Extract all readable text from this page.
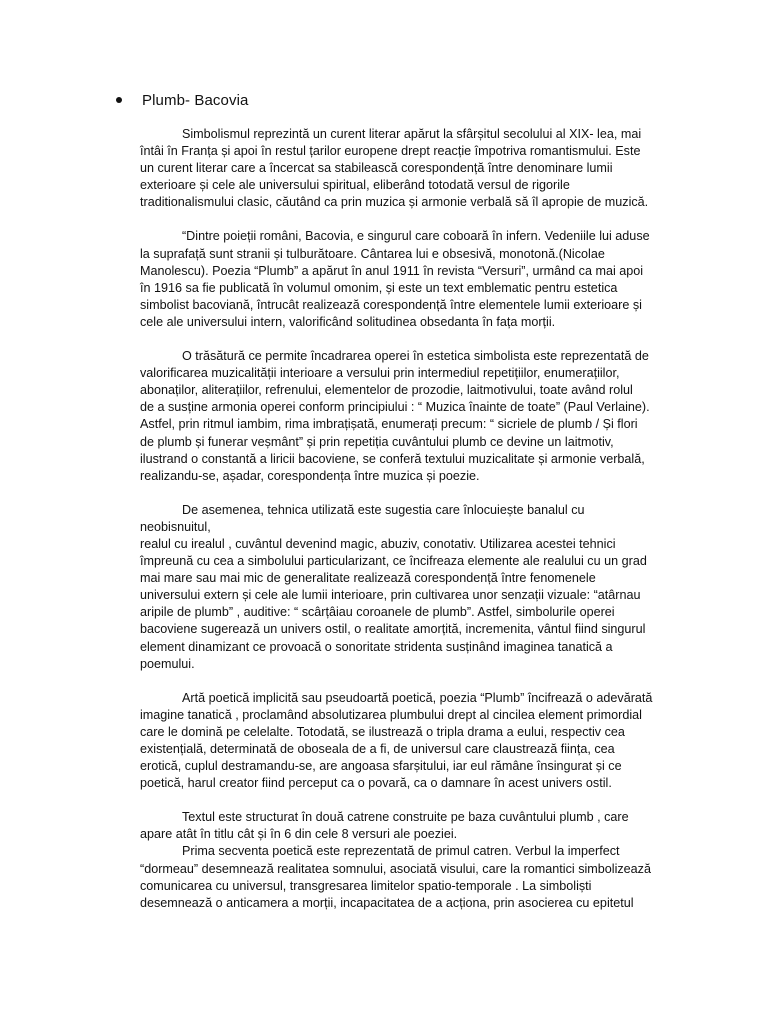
Plumb- Bacovia

Simbolismul reprezintă un curent literar apărut la sfârșitul secolului al XIX- lea, mai
întâi în Franța și apoi în restul țarilor europene drept reacție împotriva romantismului. Este
un curent literar care a încercat sa stabilească corespondență între denominare lumii
exterioare și cele ale universului spiritual, eliberând totodată versul de rigorile
traditionalismului clasic, căutând ca prin muzica și armonie verbală să îl apropie de muzică.

“Dintre poieții români, Bacovia, e singurul care coboară în infern. Vedeniile lui aduse
la suprafață sunt stranii și tulburătoare. Cântarea lui e obsesivă, monotonă.(Nicolae
Manolescu). Poezia “Plumb” a apărut în anul 1911 în revista “Versuri”, urmând ca mai apoi
în 1916 sa fie publicată în volumul omonim, și este un text emblematic pentru estetica
simbolist bacoviană, întrucât realizează corespondență între elementele lumii exterioare și
cele ale universului intern, valorificând solitudinea obsedanta în fața morții.

O trăsătură ce permite încadrarea operei în estetica simbolista este reprezentată de
valorificarea muzicalității interioare a versului prin intermediul repetițiilor, enumerațiilor,
abonaților, aliterațiilor, refrenului, elementelor de prozodie, laitmotivului, toate având rolul
de a susține armonia operei conform principiului : “ Muzica înainte de toate” (Paul Verlaine).
Astfel, prin ritmul iambim, rima imbrațișată, enumerați precum: “ sicriele de plumb / Și flori
de plumb și funerar veșmânt” și prin repetiția cuvântului plumb ce devine un laitmotiv,
ilustrand o constantă a liricii bacoviene, se conferă textului muzicalitate și armonie verbală,
realizandu-se, așadar, corespondența între muzica și poezie.

De asemenea, tehnica utilizată este sugestia care înlocuiește banalul cu neobisnuitul,
realul cu irealul , cuvântul devenind magic, abuziv, conotativ. Utilizarea acestei tehnici
împreună cu cea a simbolului particularizant, ce încifreaza elemente ale realului cu un grad
mai mare sau mai mic de generalitate realizează corespondență între fenomenele
universului extern și cele ale lumii interioare, prin cultivarea unor senzații vizuale: “atârnau
aripile de plumb” , auditive: “ scârțâiau coroanele de plumb”. Astfel, simbolurile operei
bacoviene sugerează un univers ostil, o realitate amorțită, incremenita, vântul fiind singurul
element dinamizant ce provoacă o sonoritate stridenta susținând imaginea tanatică a
poemului.

Artă poetică implicită sau pseudoartă poetică, poezia “Plumb” încifrează o adevărată
imagine tanatică , proclamând absolutizarea plumbului drept al cincilea element primordial
care le domină pe celelalte. Totodată, se ilustrează o tripla drama a eului, respectiv cea
existențială, determinată de oboseala de a fi, de universul care claustrează ființa, cea
erotică, cuplul destramandu-se, are angoasa sfarșitului, iar eul rămâne însingurat și ce
poetică, harul creator fiind perceput ca o povară, ca o damnare în acest univers ostil.

Textul este structurat în două catrene construite pe baza cuvântului plumb , care
apare atât în titlu cât și în 6 din cele 8 versuri ale poeziei.
Prima secventa poetică este reprezentată de primul catren. Verbul la imperfect
“dormeau” desemnează realitatea somnului, asociată visului, care la romantici simbolizează
comunicarea cu universul, transgresarea limitelor spatio-temporale . La simboliști
desemnează o anticamera a morții, incapacitatea de a acționa, prin asocierea cu epitetul
